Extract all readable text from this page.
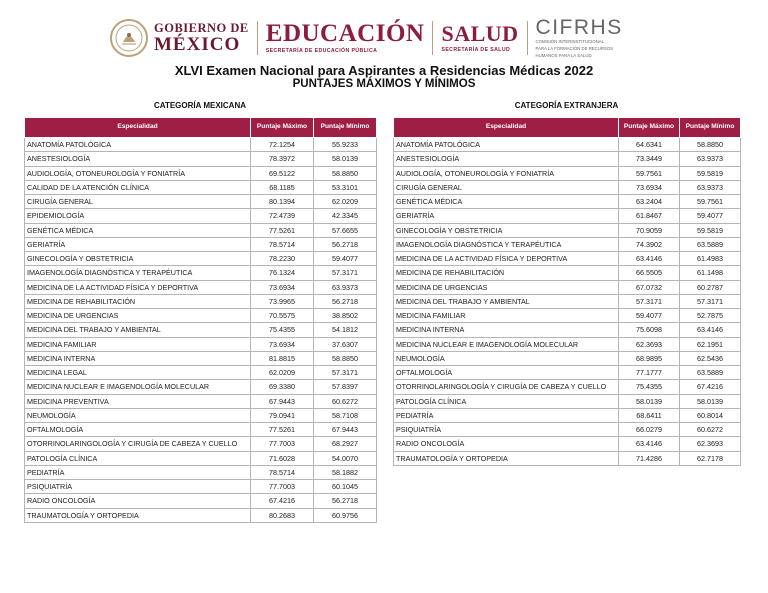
GOBIERNO DE
MÉXICO	EDUCACIÓN
SECRETARÍA DE EDUCACIÓN PÚBLICA
SALUD
SECRETARÍA DE SALUD
CIFRHS
COMISIÓN INTERINSTITUCIONAL
PARA LA FORMACIÓN DE RECURSOS
HUMANOS PARA LA SALUD
XLVI Examen Nacional para Aspirantes a Residencias Médicas 2022
PUNTAJES MÁXIMOS Y MÍNIMOS
CATEGORÍA MEXICANA	CATEGORÍA EXTRANJERA
Especialidad	Puntaje Máximo	Puntaje Mínimo
ANATOMÍA PATOLÓGICA	72.1254	55.9233
ANESTESIOLOGÍA	78.3972	58.0139
AUDIOLOGÍA, OTONEUROLOGÍA Y FONIATRÍA	69.5122	58.8850
CALIDAD DE LA ATENCIÓN CLÍNICA	68.1185	53.3101
CIRUGÍA GENERAL	80.1394	62.0209
EPIDEMIOLOGÍA	72.4739	42.3345
GENÉTICA MÉDICA	77.5261	57.6655
GERIATRÍA	78.5714	56.2718
GINECOLOGÍA Y OBSTETRICIA	78.2230	59.4077
IMAGENOLOGÍA DIAGNÓSTICA Y TERAPÉUTICA	76.1324	57.3171
MEDICINA DE LA ACTIVIDAD FÍSICA Y DEPORTIVA	73.6934	63.9373
MEDICINA DE REHABILITACIÓN	73.9965	56.2718
MEDICINA DE URGENCIAS	70.5575	38.8502
MEDICINA DEL TRABAJO Y AMBIENTAL	75.4355	54.1812
MEDICINA FAMILIAR	73.6934	37.6307
MEDICINA INTERNA	81.8815	58.8850
MEDICINA LEGAL	62.0209	57.3171
MEDICINA NUCLEAR E IMAGENOLOGÍA MOLECULAR	69.3380	57.8397
MEDICINA PREVENTIVA	67.9443	60.6272
NEUMOLOGÍA	79.0941	58.7108
OFTALMOLOGÍA	77.5261	67.9443
OTORRINOLARINGOLOGÍA Y CIRUGÍA DE CABEZA Y CUELLO	77.7003	68.2927
PATOLOGÍA CLÍNICA	71.6028	54.0070
PEDIATRÍA	78.5714	58.1882
PSIQUIATRÍA	77.7003	60.1045
RADIO ONCOLOGÍA	67.4216	56.2718
TRAUMATOLOGÍA Y ORTOPEDIA	80.2683	60.9756
Especialidad	Puntaje Máximo	Puntaje Mínimo
ANATOMÍA PATOLÓGICA	64.6341	58.8850
ANESTESIOLOGÍA	73.3449	63.9373
AUDIOLOGÍA, OTONEUROLOGÍA Y FONIATRÍA	59.7561	59.5819
CIRUGÍA GENERAL	73.6934	63.9373
GENÉTICA MÉDICA	63.2404	59.7561
GERIATRÍA	61.8467	59.4077
GINECOLOGÍA Y OBSTETRICIA	70.9059	59.5819
IMAGENOLOGÍA DIAGNÓSTICA Y TERAPÉUTICA	74.3902	63.5889
MEDICINA DE LA ACTIVIDAD FÍSICA Y DEPORTIVA	63.4146	61.4983
MEDICINA DE REHABILITACIÓN	66.5505	61.1498
MEDICINA DE URGENCIAS	67.0732	60.2787
MEDICINA DEL TRABAJO Y AMBIENTAL	57.3171	57.3171
MEDICINA FAMILIAR	59.4077	52.7875
MEDICINA INTERNA	75.6098	63.4146
MEDICINA NUCLEAR E IMAGENOLOGÍA MOLECULAR	62.3693	62.1951
NEUMOLOGÍA	68.9895	62.5436
OFTALMOLOGÍA	77.1777	63.5889
OTORRINOLARINGOLOGÍA Y CIRUGÍA DE CABEZA Y CUELLO	75.4355	67.4216
PATOLOGÍA CLÍNICA	58.0139	58.0139
PEDIATRÍA	68.6411	60.8014
PSIQUIATRÍA	66.0279	60.6272
RADIO ONCOLOGÍA	63.4146	62.3693
TRAUMATOLOGÍA Y ORTOPEDIA	71.4286	62.7178
